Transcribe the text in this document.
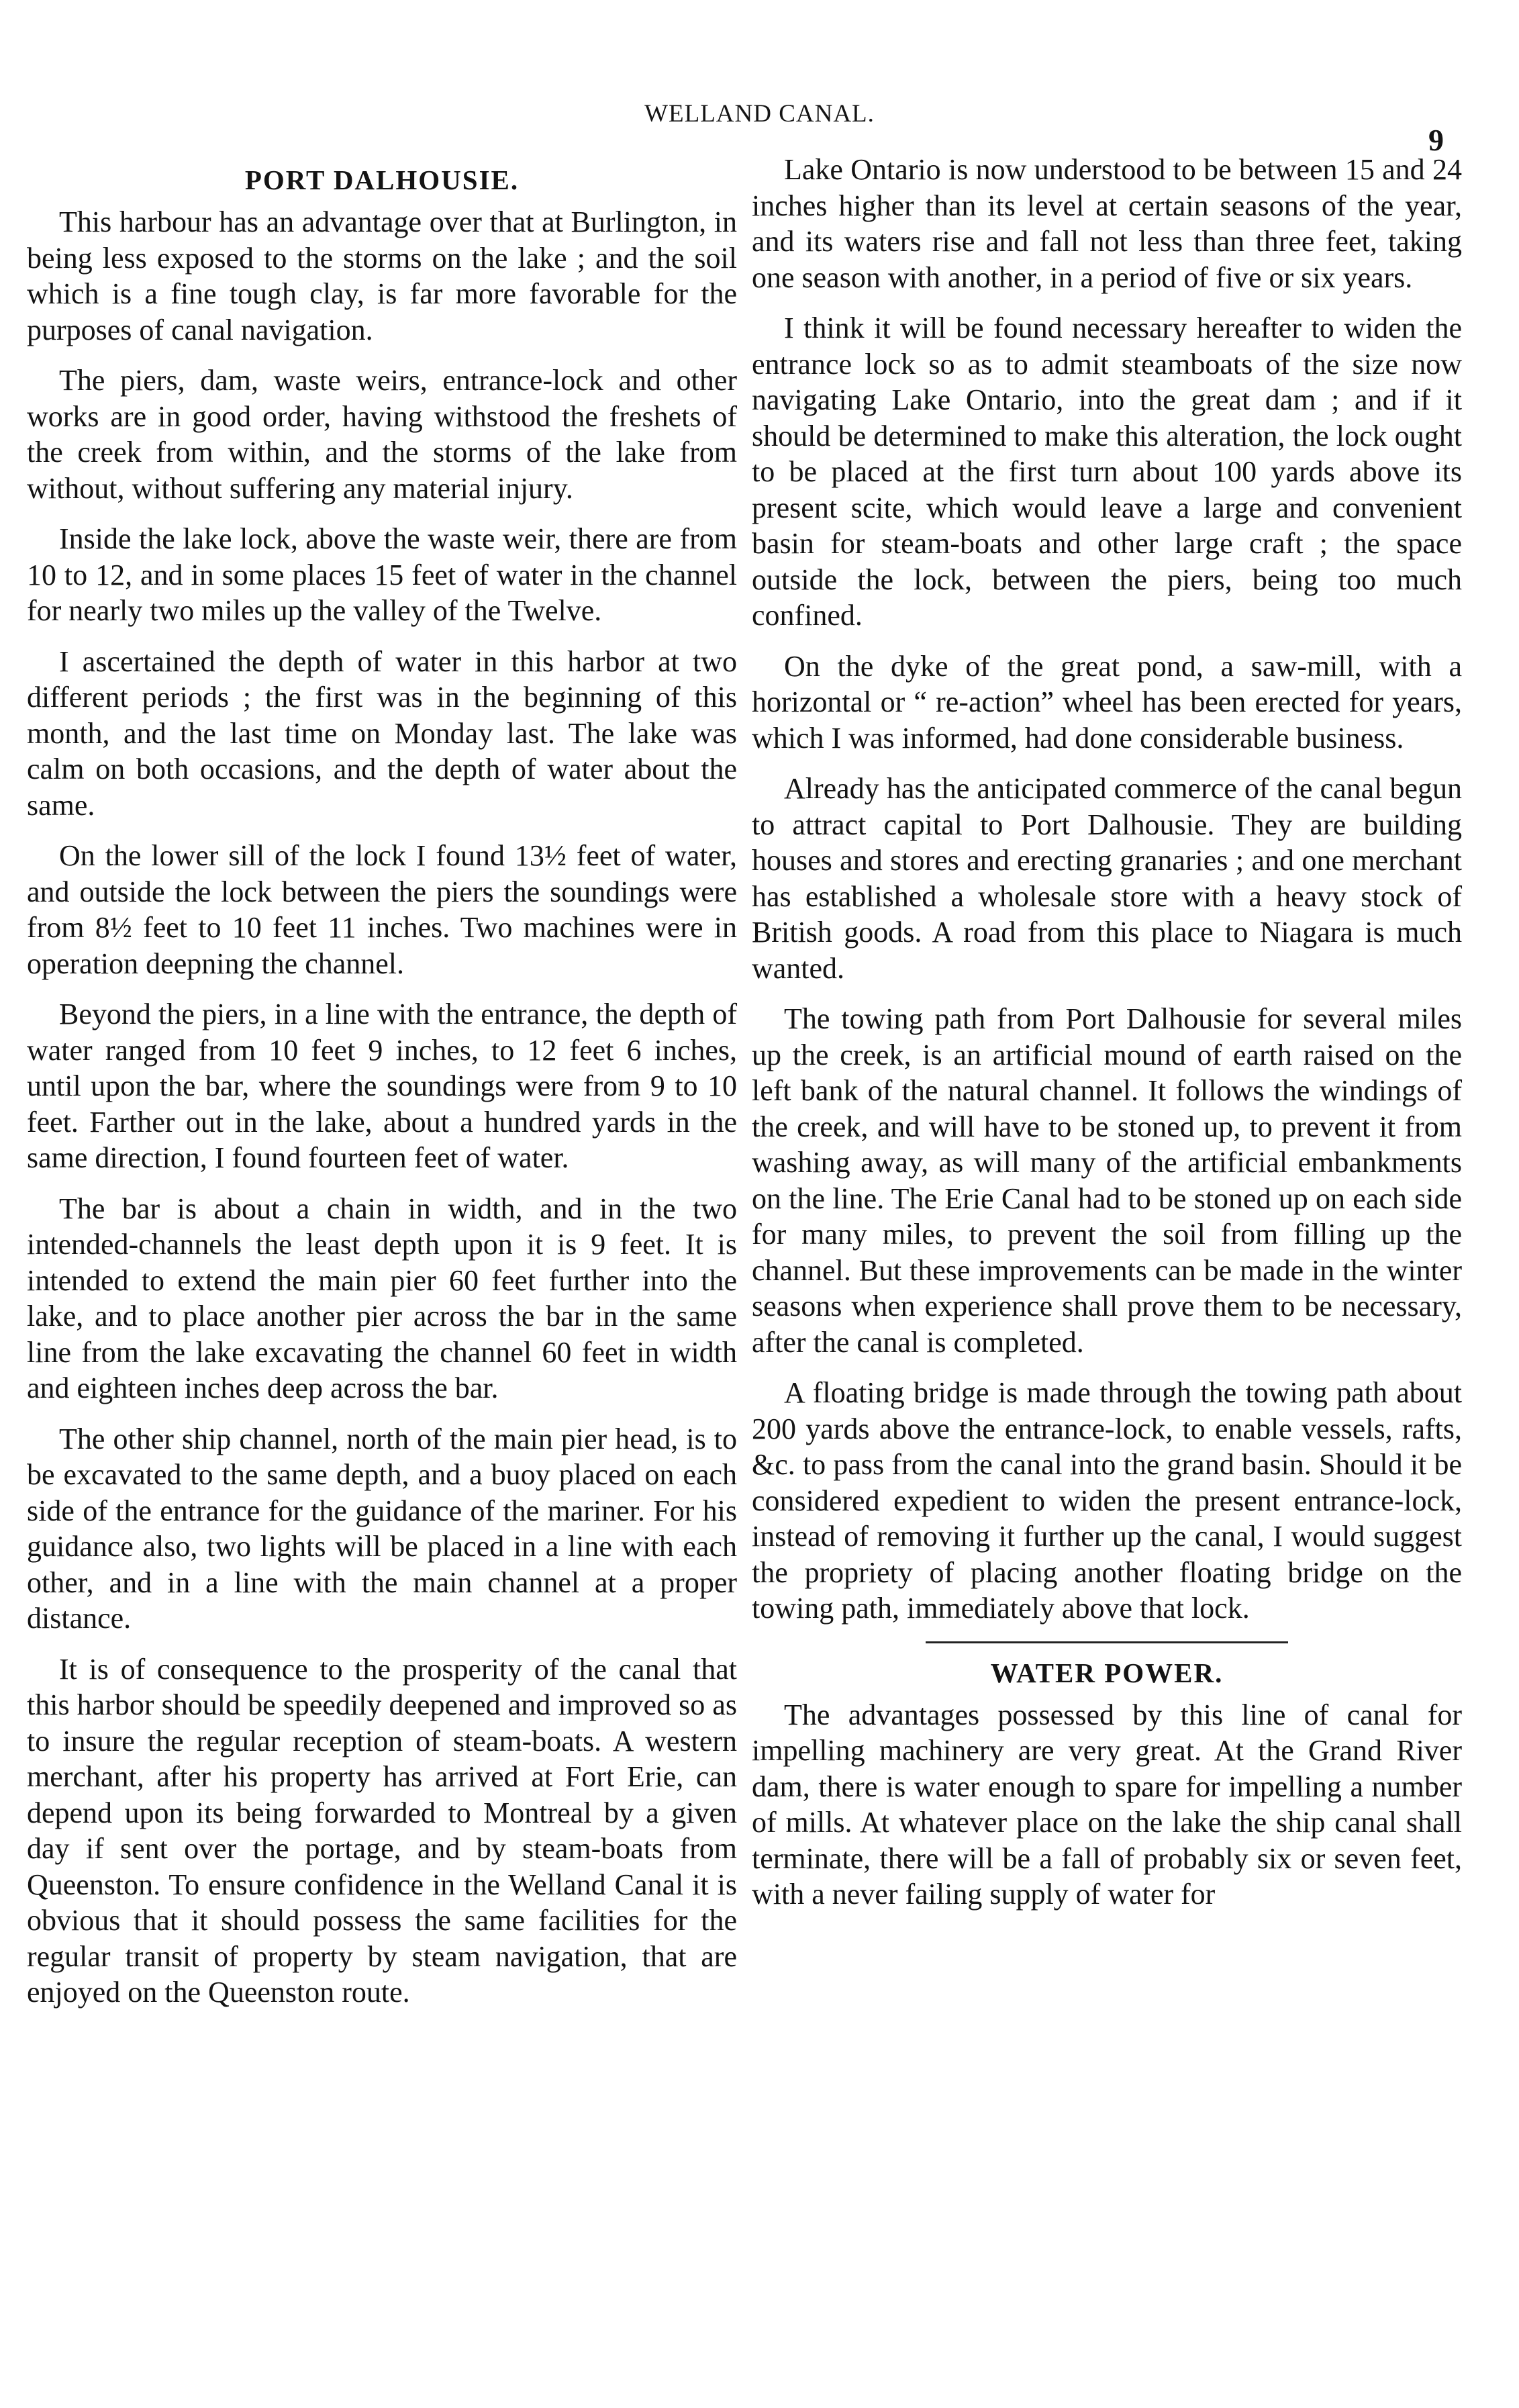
WELLAND CANAL.
9
PORT DALHOUSIE.

This harbour has an advantage over that at Burlington, in being less exposed to the storms on the lake ; and the soil which is a fine tough clay, is far more favorable for the purposes of canal navigation.

The piers, dam, waste weirs, entrance-lock and other works are in good order, having withstood the freshets of the creek from within, and the storms of the lake from without, without suffering any material injury.

Inside the lake lock, above the waste weir, there are from 10 to 12, and in some places 15 feet of water in the channel for nearly two miles up the valley of the Twelve.

I ascertained the depth of water in this harbor at two different periods ; the first was in the beginning of this month, and the last time on Monday last. The lake was calm on both occasions, and the depth of water about the same.

On the lower sill of the lock I found 13½ feet of water, and outside the lock between the piers the soundings were from 8½ feet to 10 feet 11 inches. Two machines were in operation deepning the channel.

Beyond the piers, in a line with the entrance, the depth of water ranged from 10 feet 9 inches, to 12 feet 6 inches, until upon the bar, where the soundings were from 9 to 10 feet. Farther out in the lake, about a hundred yards in the same direction, I found fourteen feet of water.

The bar is about a chain in width, and in the two intended-channels the least depth upon it is 9 feet. It is intended to extend the main pier 60 feet further into the lake, and to place another pier across the bar in the same line from the lake excavating the channel 60 feet in width and eighteen inches deep across the bar.

The other ship channel, north of the main pier head, is to be excavated to the same depth, and a buoy placed on each side of the entrance for the guidance of the mariner. For his guidance also, two lights will be placed in a line with each other, and in a line with the main channel at a proper distance.

It is of consequence to the prosperity of the canal that this harbor should be speedily deepened and improved so as to insure the regular reception of steam-boats. A western merchant, after his property has arrived at Fort Erie, can depend upon its being forwarded to Montreal by a given day if sent over the portage, and by steam-boats from Queenston. To ensure confidence in the Welland Canal it is obvious that it should possess the same facilities for the regular transit of property by steam navigation, that are enjoyed on the Queenston route.

Lake Ontario is now understood to be between 15 and 24 inches higher than its level at certain seasons of the year, and its waters rise and fall not less than three feet, taking one season with another, in a period of five or six years.

I think it will be found necessary hereafter to widen the entrance lock so as to admit steamboats of the size now navigating Lake Ontario, into the great dam ; and if it should be determined to make this alteration, the lock ought to be placed at the first turn about 100 yards above its present scite, which would leave a large and convenient basin for steam-boats and other large craft ; the space outside the lock, between the piers, being too much confined.

On the dyke of the great pond, a saw-mill, with a horizontal or “ re-action” wheel has been erected for years, which I was informed, had done considerable business.

Already has the anticipated commerce of the canal begun to attract capital to Port Dalhousie. They are building houses and stores and erecting granaries ; and one merchant has established a wholesale store with a heavy stock of British goods. A road from this place to Niagara is much wanted.

The towing path from Port Dalhousie for several miles up the creek, is an artificial mound of earth raised on the left bank of the natural channel. It follows the windings of the creek, and will have to be stoned up, to prevent it from washing away, as will many of the artificial embankments on the line. The Erie Canal had to be stoned up on each side for many miles, to prevent the soil from filling up the channel. But these improvements can be made in the winter seasons when experience shall prove them to be necessary, after the canal is completed.

A floating bridge is made through the towing path about 200 yards above the entrance-lock, to enable vessels, rafts, &c. to pass from the canal into the grand basin. Should it be considered expedient to widen the present entrance-lock, instead of removing it further up the canal, I would suggest the propriety of placing another floating bridge on the towing path, immediately above that lock.

WATER POWER.

The advantages possessed by this line of canal for impelling machinery are very great. At the Grand River dam, there is water enough to spare for impelling a number of mills. At whatever place on the lake the ship canal shall terminate, there will be a fall of probably six or seven feet, with a never failing supply of water for
